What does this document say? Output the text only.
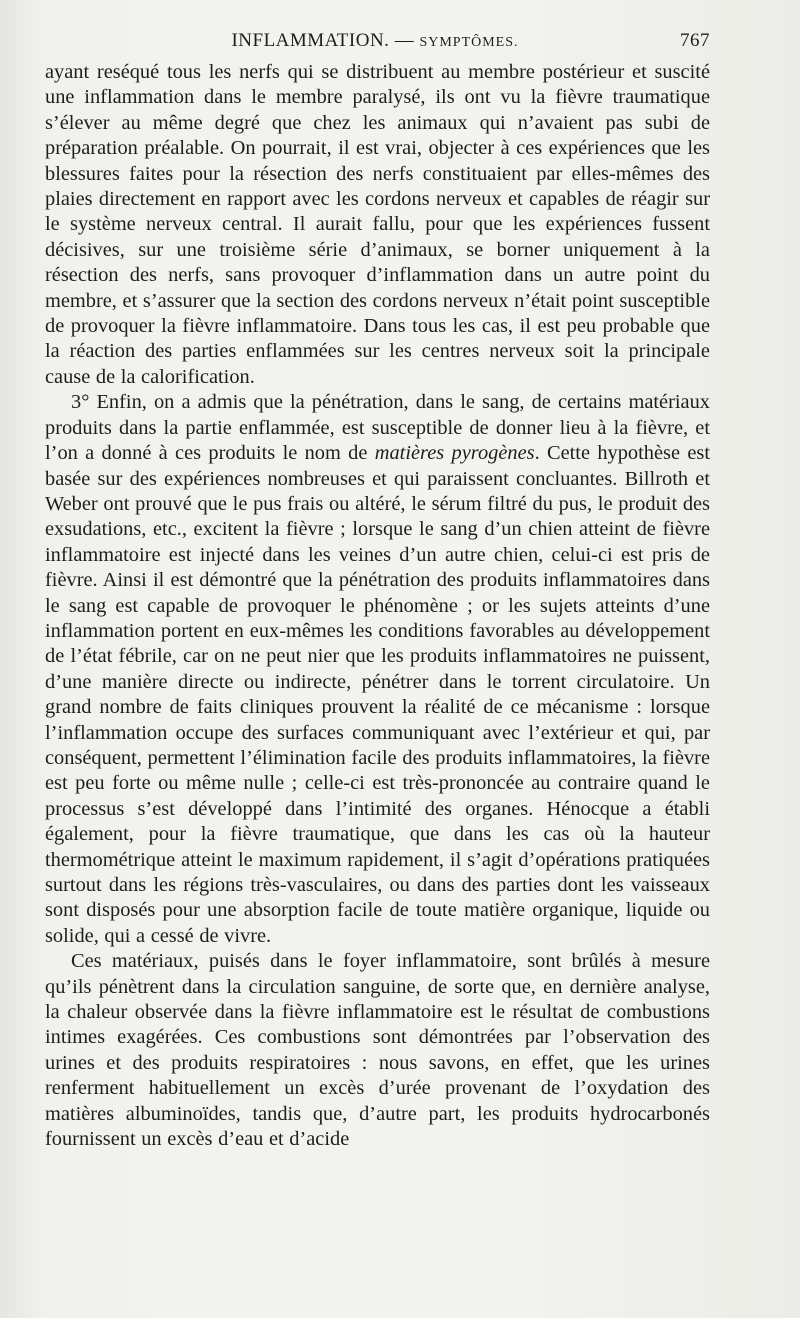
INFLAMMATION. — SYMPTÔMES.	767

ayant reséqué tous les nerfs qui se distribuent au membre postérieur et suscité une inflammation dans le membre paralysé, ils ont vu la fièvre traumatique s’élever au même degré que chez les animaux qui n’avaient pas subi de préparation préalable. On pourrait, il est vrai, objecter à ces expériences que les blessures faites pour la résection des nerfs constituaient par elles-mêmes des plaies directement en rapport avec les cordons nerveux et capables de réagir sur le système nerveux central. Il aurait fallu, pour que les expériences fussent décisives, sur une troisième série d’animaux, se borner uniquement à la résection des nerfs, sans provoquer d’inflammation dans un autre point du membre, et s’assurer que la section des cordons nerveux n’était point susceptible de provoquer la fièvre inflammatoire. Dans tous les cas, il est peu probable que la réaction des parties enflammées sur les centres nerveux soit la principale cause de la calorification.

3° Enfin, on a admis que la pénétration, dans le sang, de certains matériaux produits dans la partie enflammée, est susceptible de donner lieu à la fièvre, et l’on a donné à ces produits le nom de matières pyrogènes. Cette hypothèse est basée sur des expériences nombreuses et qui paraissent concluantes. Billroth et Weber ont prouvé que le pus frais ou altéré, le sérum filtré du pus, le produit des exsudations, etc., excitent la fièvre ; lorsque le sang d’un chien atteint de fièvre inflammatoire est injecté dans les veines d’un autre chien, celui-ci est pris de fièvre. Ainsi il est démontré que la pénétration des produits inflammatoires dans le sang est capable de provoquer le phénomène ; or les sujets atteints d’une inflammation portent en eux-mêmes les conditions favorables au développement de l’état fébrile, car on ne peut nier que les produits inflammatoires ne puissent, d’une manière directe ou indirecte, pénétrer dans le torrent circulatoire. Un grand nombre de faits cliniques prouvent la réalité de ce mécanisme : lorsque l’inflammation occupe des surfaces communiquant avec l’extérieur et qui, par conséquent, permettent l’élimination facile des produits inflammatoires, la fièvre est peu forte ou même nulle ; celle-ci est très-prononcée au contraire quand le processus s’est développé dans l’intimité des organes. Hénocque a établi également, pour la fièvre traumatique, que dans les cas où la hauteur thermométrique atteint le maximum rapidement, il s’agit d’opérations pratiquées surtout dans les régions très-vasculaires, ou dans des parties dont les vaisseaux sont disposés pour une absorption facile de toute matière organique, liquide ou solide, qui a cessé de vivre.

Ces matériaux, puisés dans le foyer inflammatoire, sont brûlés à mesure qu’ils pénètrent dans la circulation sanguine, de sorte que, en dernière analyse, la chaleur observée dans la fièvre inflammatoire est le résultat de combustions intimes exagérées. Ces combustions sont démontrées par l’observation des urines et des produits respiratoires : nous savons, en effet, que les urines renferment habituellement un excès d’urée provenant de l’oxydation des matières albuminoïdes, tandis que, d’autre part, les produits hydrocarbonés fournissent un excès d’eau et d’acide
